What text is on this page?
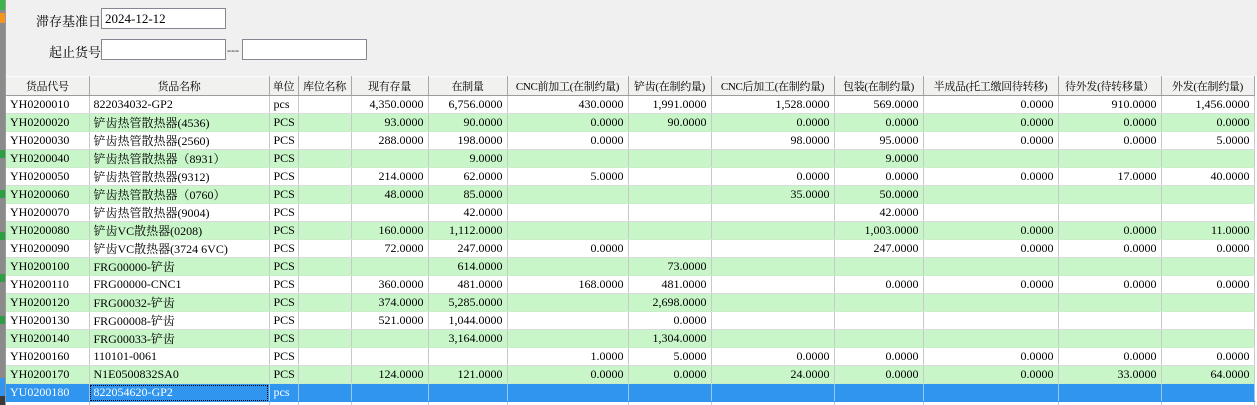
滞存基准日
2024-12-12
起止货号	---
货品代号	货品名称	单位	库位名称	现有存量	在制量	CNC前加工(在制约量)	铲齿(在制约量)	CNC后加工(在制约量)	包装(在制约量)	半成品(托工缴回待转移)	待外发(待转移量）	外发(在制约量)
YH0200010	822034032-GP2	pcs		4,350.0000	6,756.0000	430.0000	1,991.0000	1,528.0000	569.0000	0.0000	910.0000	1,456.0000
YH0200020	铲齿热管散热器(4536)	PCS		93.0000	90.0000	0.0000	90.0000	0.0000	0.0000	0.0000	0.0000	0.0000
YH0200030	铲齿热管散热器(2560)	PCS		288.0000	198.0000	0.0000		98.0000	95.0000	0.0000	0.0000	5.0000
YH0200040	铲齿热管散热器（8931）	PCS			9.0000				9.0000			
YH0200050	铲齿热管散热器(9312)	PCS		214.0000	62.0000	5.0000		0.0000	0.0000	0.0000	17.0000	40.0000
YH0200060	铲齿热管散热器（0760）	PCS		48.0000	85.0000			35.0000	50.0000			
YH0200070	铲齿热管散热器(9004)	PCS			42.0000				42.0000			
YH0200080	铲齿VC散热器(0208)	PCS		160.0000	1,112.0000				1,003.0000	0.0000	0.0000	11.0000
YH0200090	铲齿VC散热器(3724 6VC)	PCS		72.0000	247.0000	0.0000			247.0000	0.0000	0.0000	0.0000
YH0200100	FRG00000-铲齿	PCS			614.0000		73.0000					
YH0200110	FRG00000-CNC1	PCS		360.0000	481.0000	168.0000	481.0000		0.0000	0.0000	0.0000	0.0000
YH0200120	FRG00032-铲齿	PCS		374.0000	5,285.0000		2,698.0000					
YH0200130	FRG00008-铲齿	PCS		521.0000	1,044.0000		0.0000					
YH0200140	FRG00033-铲齿	PCS			3,164.0000		1,304.0000					
YH0200160	110101-0061	PCS				1.0000	5.0000	0.0000	0.0000	0.0000	0.0000	0.0000
YH0200170	N1E0500832SA0	PCS		124.0000	121.0000	0.0000	0.0000	24.0000	0.0000	0.0000	33.0000	64.0000
YU0200180	822054620-GP2	pcs										
